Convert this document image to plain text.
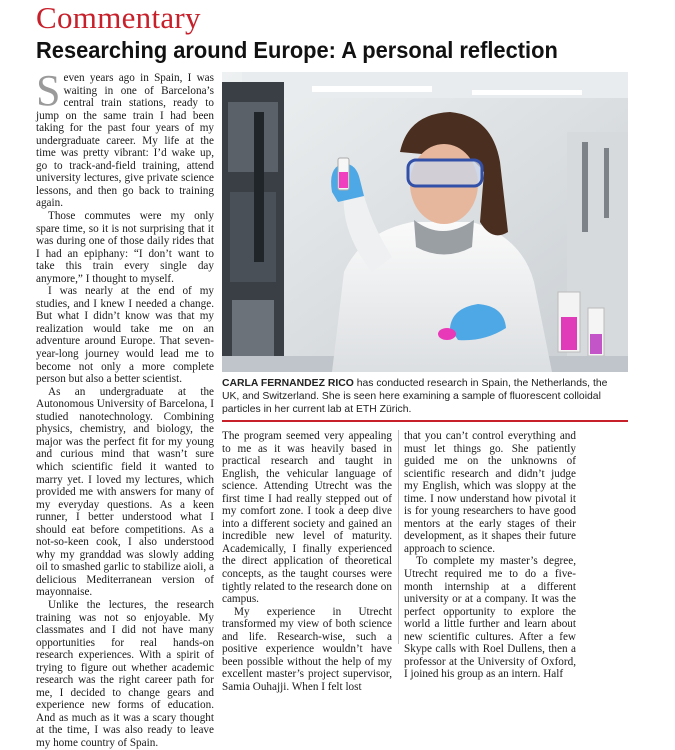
Commentary
Researching around Europe: A personal reflection

Seven years ago in Spain, I was waiting in one of Barcelona’s central train stations, ready to jump on the same train I had been taking for the past four years of my undergraduate career. My life at the time was pretty vibrant: I’d wake up, go to track-and-field training, attend university lectures, give private science lessons, and then go back to training again.

Those commutes were my only spare time, so it is not surprising that it was during one of those daily rides that I had an epiphany: “I don’t want to take this train every single day anymore,” I thought to myself.

I was nearly at the end of my studies, and I knew I needed a change. But what I didn’t know was that my realization would take me on an adventure around Europe. That seven-year-long journey would lead me to become not only a more complete person but also a better scientist.

As an undergraduate at the Autonomous University of Barcelona, I studied nanotechnology. Combining physics, chemistry, and biology, the major was the perfect fit for my young and curious mind that wasn’t sure which scientific field it wanted to marry yet. I loved my lectures, which provided me with answers for many of my everyday questions. As a keen runner, I better understood what I should eat before competitions. As a not-so-keen cook, I also understood why my granddad was slowly adding oil to smashed garlic to stabilize aioli, a delicious Mediterranean version of mayonnaise.

Unlike the lectures, the research training was not so enjoyable. My classmates and I did not have many opportunities for real hands-on research experiences. With a spirit of trying to figure out whether academic research was the right career path for me, I decided to change gears and experience new forms of education. And as much as it was a scary thought at the time, I was also ready to leave my home country of Spain.

CARLA FERNANDEZ RICO has conducted research in Spain, the Netherlands, the UK, and Switzerland. She is seen here examining a sample of fluorescent colloidal particles in her current lab at ETH Zürich.

The program seemed very appealing to me as it was heavily based in practical research and taught in English, the vehicular language of science. Attending Utrecht was the first time I had really stepped out of my comfort zone. I took a deep dive into a different society and gained an incredible new level of maturity. Academically, I finally experienced the direct application of theoretical concepts, as the taught courses were tightly related to the research done on campus.

My experience in Utrecht transformed my view of both science and life. Research-wise, such a positive experience wouldn’t have been possible without the help of my excellent master’s project supervisor, Samia Ouhajji. When I felt lost

that you can’t control everything and must let things go. She patiently guided me on the unknowns of scientific research and didn’t judge my English, which was sloppy at the time. I now understand how pivotal it is for young researchers to have good mentors at the early stages of their development, as it shapes their future approach to science.

To complete my master’s degree, Utrecht required me to do a five-month internship at a different university or at a company. It was the perfect opportunity to explore the world a little further and learn about new scientific cultures. After a few Skype calls with Roel Dullens, then a professor at the University of Oxford, I joined his group as an intern. Half
